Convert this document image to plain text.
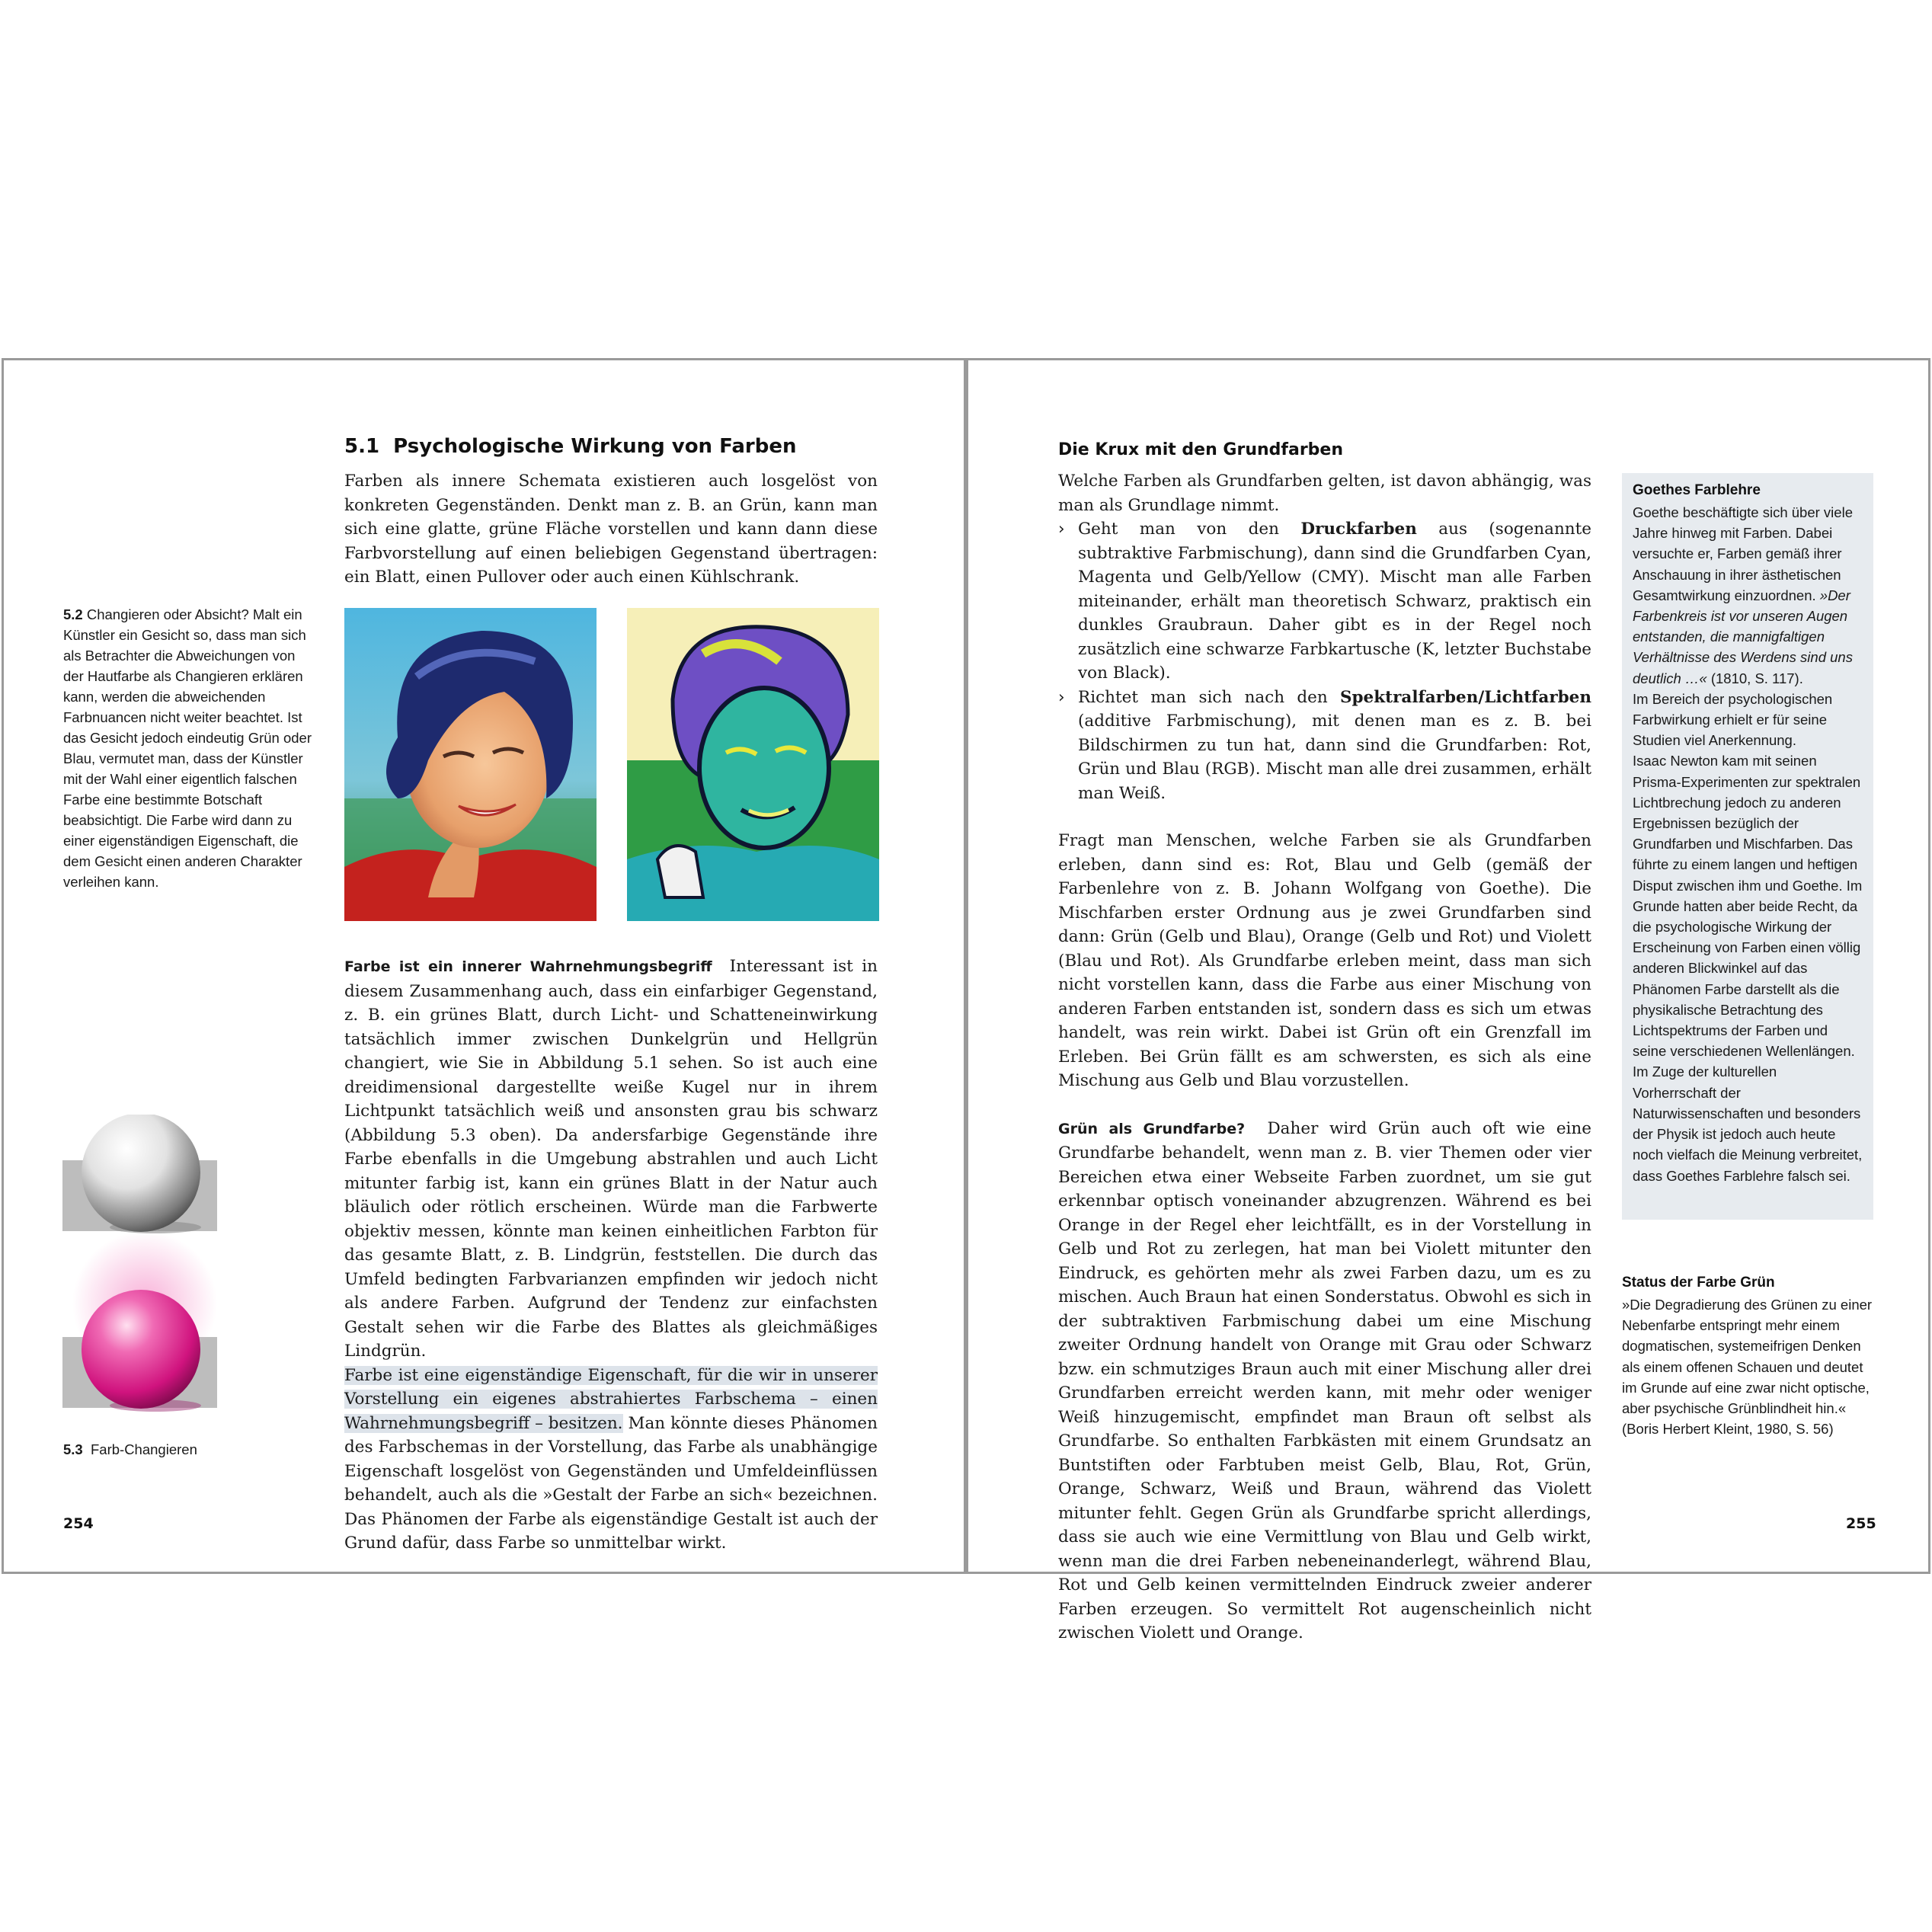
5.1 Psychologische Wirkung von Farben

Farben als innere Schemata existieren auch losgelöst von konkreten Gegenständen. Denkt man z. B. an Grün, kann man sich eine glatte, grüne Fläche vorstellen und kann dann diese Farbvorstellung auf einen beliebigen Gegenstand übertragen: ein Blatt, einen Pullover oder auch einen Kühlschrank.

5.2 Changieren oder Absicht? Malt ein Künstler ein Gesicht so, dass man sich als Betrachter die Abweichungen von der Hautfarbe als Changieren erklären kann, werden die abweichenden Farbnuancen nicht weiter beachtet. Ist das Gesicht jedoch eindeutig Grün oder Blau, vermutet man, dass der Künstler mit der Wahl einer eigentlich falschen Farbe eine bestimmte Botschaft beabsichtigt. Die Farbe wird dann zu einer eigenständigen Eigenschaft, die dem Gesicht einen anderen Charakter verleihen kann.

Farbe ist ein innerer Wahrnehmungsbegriff Interessant ist in diesem Zusammenhang auch, dass ein einfarbiger Gegenstand, z. B. ein grünes Blatt, durch Licht- und Schatteneinwirkung tatsächlich immer zwischen Dunkelgrün und Hellgrün changiert, wie Sie in Abbildung 5.1 sehen. So ist auch eine dreidimensional dargestellte weiße Kugel nur in ihrem Lichtpunkt tatsächlich weiß und ansonsten grau bis schwarz (Abbildung 5.3 oben). Da andersfarbige Gegenstände ihre Farbe ebenfalls in die Umgebung abstrahlen und auch Licht mitunter farbig ist, kann ein grünes Blatt in der Natur auch bläulich oder rötlich erscheinen. Würde man die Farbwerte objektiv messen, könnte man keinen einheitlichen Farbton für das gesamte Blatt, z. B. Lindgrün, feststellen. Die durch das Umfeld bedingten Farbvarianzen empfinden wir jedoch nicht als andere Farben. Aufgrund der Tendenz zur einfachsten Gestalt sehen wir die Farbe des Blattes als gleichmäßiges Lindgrün.

Farbe ist eine eigenständige Eigenschaft, für die wir in unserer Vorstellung ein eigenes abstrahiertes Farbschema – einen Wahrnehmungsbegriff – besitzen. Man könnte dieses Phänomen des Farbschemas in der Vorstellung, das Farbe als unabhängige Eigenschaft losgelöst von Gegenständen und Umfeldeinflüssen behandelt, auch als die »Gestalt der Farbe an sich« bezeichnen. Das Phänomen der Farbe als eigenständige Gestalt ist auch der Grund dafür, dass Farbe so unmittelbar wirkt.

5.3 Farb-Changieren
254
Die Krux mit den Grundfarben

Welche Farben als Grundfarben gelten, ist davon abhängig, was man als Grundlage nimmt.

› Geht man von den Druckfarben aus (sogenannte subtraktive Farbmischung), dann sind die Grundfarben Cyan, Magenta und Gelb/Yellow (CMY). Mischt man alle Farben miteinander, erhält man theoretisch Schwarz, praktisch ein dunkles Graubraun. Daher gibt es in der Regel noch zusätzlich eine schwarze Farbkartusche (K, letzter Buchstabe von Black).
› Richtet man sich nach den Spektralfarben/Lichtfarben (additive Farbmischung), mit denen man es z. B. bei Bildschirmen zu tun hat, dann sind die Grundfarben: Rot, Grün und Blau (RGB). Mischt man alle drei zusammen, erhält man Weiß.

Fragt man Menschen, welche Farben sie als Grundfarben erleben, dann sind es: Rot, Blau und Gelb (gemäß der Farbenlehre von z. B. Johann Wolfgang von Goethe). Die Mischfarben erster Ordnung aus je zwei Grundfarben sind dann: Grün (Gelb und Blau), Orange (Gelb und Rot) und Violett (Blau und Rot). Als Grundfarbe erleben meint, dass man sich nicht vorstellen kann, dass die Farbe aus einer Mischung von anderen Farben entstanden ist, sondern dass es sich um etwas handelt, was rein wirkt. Dabei ist Grün oft ein Grenzfall im Erleben. Bei Grün fällt es am schwersten, es sich als eine Mischung aus Gelb und Blau vorzustellen.

Grün als Grundfarbe? Daher wird Grün auch oft wie eine Grundfarbe behandelt, wenn man z. B. vier Themen oder vier Bereichen etwa einer Webseite Farben zuordnet, um sie gut erkennbar optisch voneinander abzugrenzen. Während es bei Orange in der Regel eher leichtfällt, es in der Vorstellung in Gelb und Rot zu zerlegen, hat man bei Violett mitunter den Eindruck, es gehörten mehr als zwei Farben dazu, um es zu mischen. Auch Braun hat einen Sonderstatus. Obwohl es sich in der subtraktiven Farbmischung dabei um eine Mischung zweiter Ordnung handelt von Orange mit Grau oder Schwarz bzw. ein schmutziges Braun auch mit einer Mischung aller drei Grundfarben erreicht werden kann, mit mehr oder weniger Weiß hinzugemischt, empfindet man Braun oft selbst als Grundfarbe. So enthalten Farbkästen mit einem Grundsatz an Buntstiften oder Farbtuben meist Gelb, Blau, Rot, Grün, Orange, Schwarz, Weiß und Braun, während das Violett mitunter fehlt. Gegen Grün als Grundfarbe spricht allerdings, dass sie auch wie eine Vermittlung von Blau und Gelb wirkt, wenn man die drei Farben nebeneinanderlegt, während Blau, Rot und Gelb keinen vermittelnden Eindruck zweier anderer Farben erzeugen. So vermittelt Rot augenscheinlich nicht zwischen Violett und Orange.

Goethes Farblehre
Goethe beschäftigte sich über viele Jahre hinweg mit Farben. Dabei versuchte er, Farben gemäß ihrer Anschauung in ihrer ästhetischen Gesamtwirkung einzuordnen. »Der Farbenkreis ist vor unseren Augen entstanden, die mannigfaltigen Verhältnisse des Werdens sind uns deutlich …« (1810, S. 117).
Im Bereich der psychologischen Farbwirkung erhielt er für seine Studien viel Anerkennung.
Isaac Newton kam mit seinen Prisma-Experimenten zur spektralen Lichtbrechung jedoch zu anderen Ergebnissen bezüglich der Grundfarben und Mischfarben. Das führte zu einem langen und heftigen Disput zwischen ihm und Goethe. Im Grunde hatten aber beide Recht, da die psychologische Wirkung der Erscheinung von Farben einen völlig anderen Blickwinkel auf das Phänomen Farbe darstellt als die physikalische Betrachtung des Lichtspektrums der Farben und seine verschiedenen Wellenlängen. Im Zuge der kulturellen Vorherrschaft der Naturwissenschaften und besonders der Physik ist jedoch auch heute noch vielfach die Meinung verbreitet, dass Goethes Farblehre falsch sei.
Status der Farbe Grün
»Die Degradierung des Grünen zu einer Nebenfarbe entspringt mehr einem dogmatischen, systemeifrigen Denken als einem offenen Schauen und deutet im Grunde auf eine zwar nicht optische, aber psychische Grünblindheit hin.« (Boris Herbert Kleint, 1980, S. 56)
255
